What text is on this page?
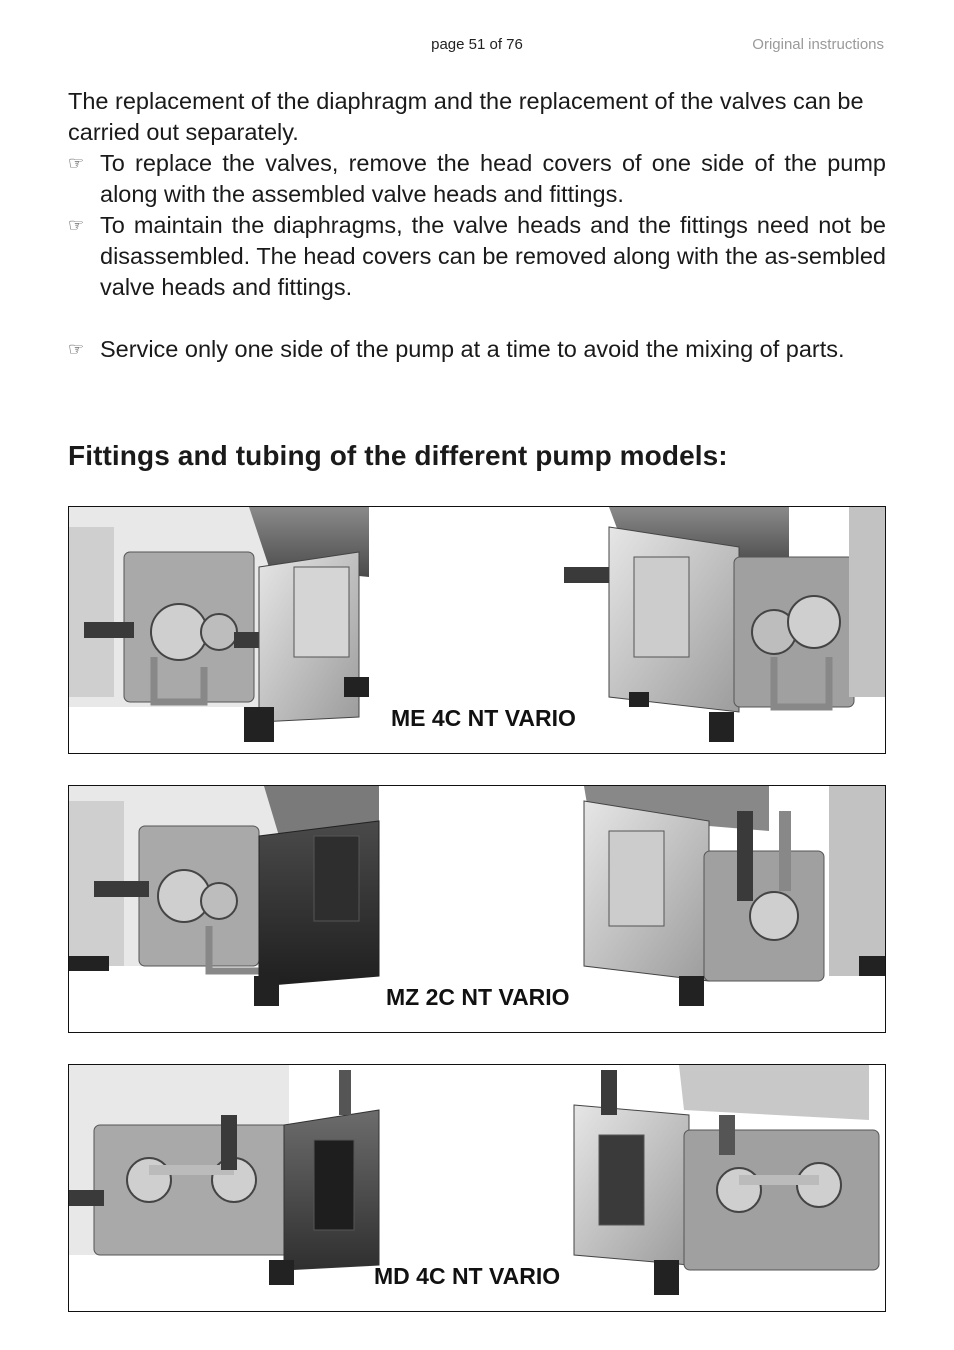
page 51 of 76	Original instructions

The replacement of the diaphragm and the replacement of the valves can be carried out separately.

☞ To replace the valves, remove the head covers of one side of the pump along with the assembled valve heads and fittings.

☞ To maintain the diaphragms, the valve heads and the fittings need not be disassembled. The head covers can be removed along with the as-sembled valve heads and fittings.

☞ Service only one side of the pump at a time to avoid the mixing of parts.

Fittings and tubing of the different pump models:
ME 4C NT VARIO
MZ 2C NT VARIO
MD 4C NT VARIO
